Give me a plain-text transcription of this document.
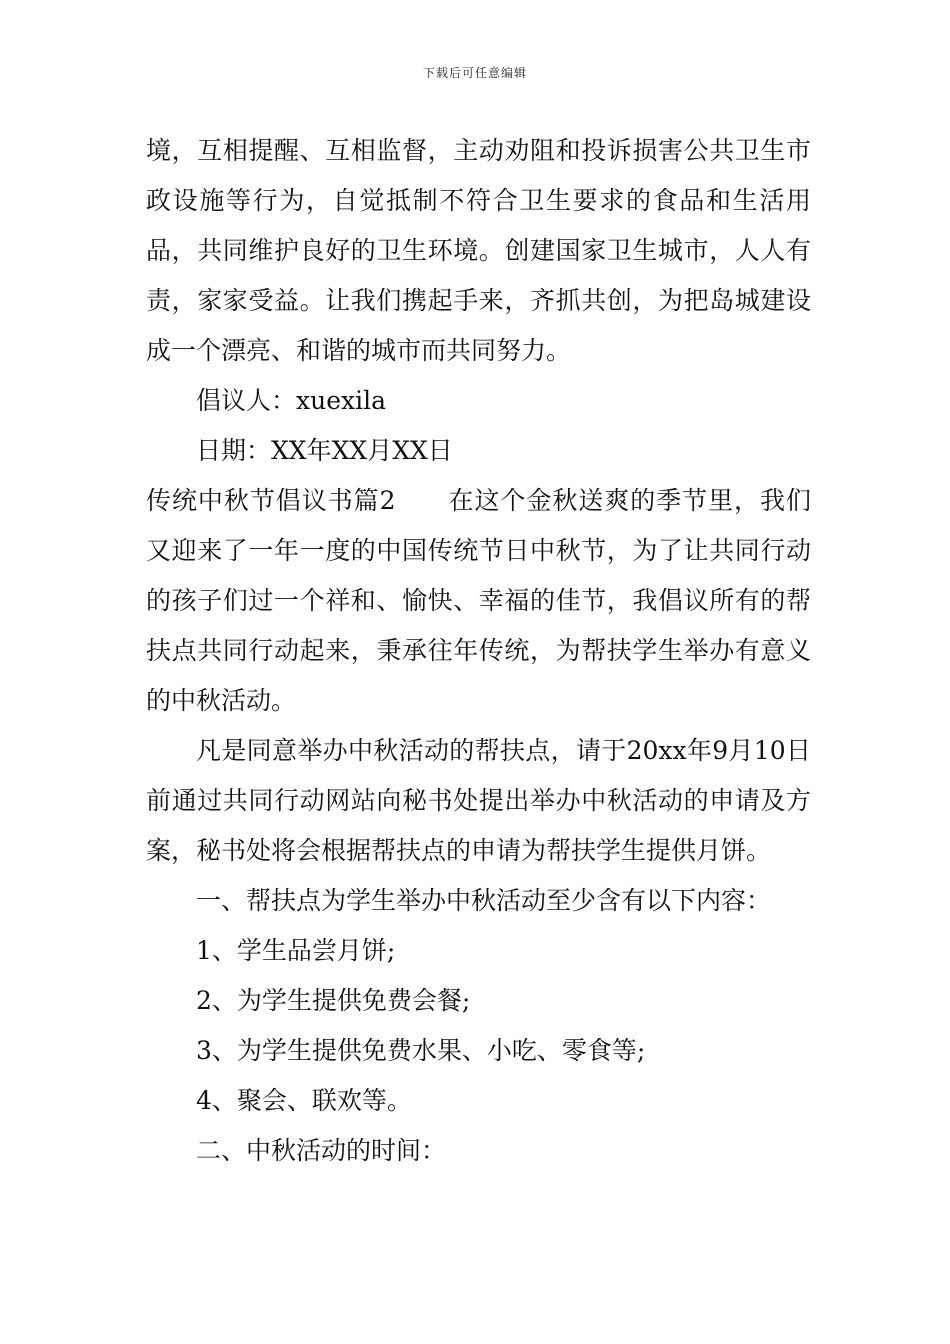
下载后可任意编辑

境，互相提醒、互相监督，主动劝阻和投诉损害公共卫生市政设施等行为，自觉抵制不符合卫生要求的食品和生活用品，共同维护良好的卫生环境。创建国家卫生城市，人人有责，家家受益。让我们携起手来，齐抓共创，为把岛城建设成一个漂亮、和谐的城市而共同努力。

倡议人：xuexila

日期：XX年XX月XX日

传统中秋节倡议书篇2 在这个金秋送爽的季节里，我们又迎来了一年一度的中国传统节日中秋节，为了让共同行动的孩子们过一个祥和、愉快、幸福的佳节，我倡议所有的帮扶点共同行动起来，秉承往年传统，为帮扶学生举办有意义的中秋活动。

凡是同意举办中秋活动的帮扶点，请于20xx年9月10日前通过共同行动网站向秘书处提出举办中秋活动的申请及方案，秘书处将会根据帮扶点的申请为帮扶学生提供月饼。

一、帮扶点为学生举办中秋活动至少含有以下内容：

1、学生品尝月饼;

2、为学生提供免费会餐;

3、为学生提供免费水果、小吃、零食等;

4、聚会、联欢等。

二、中秋活动的时间：
